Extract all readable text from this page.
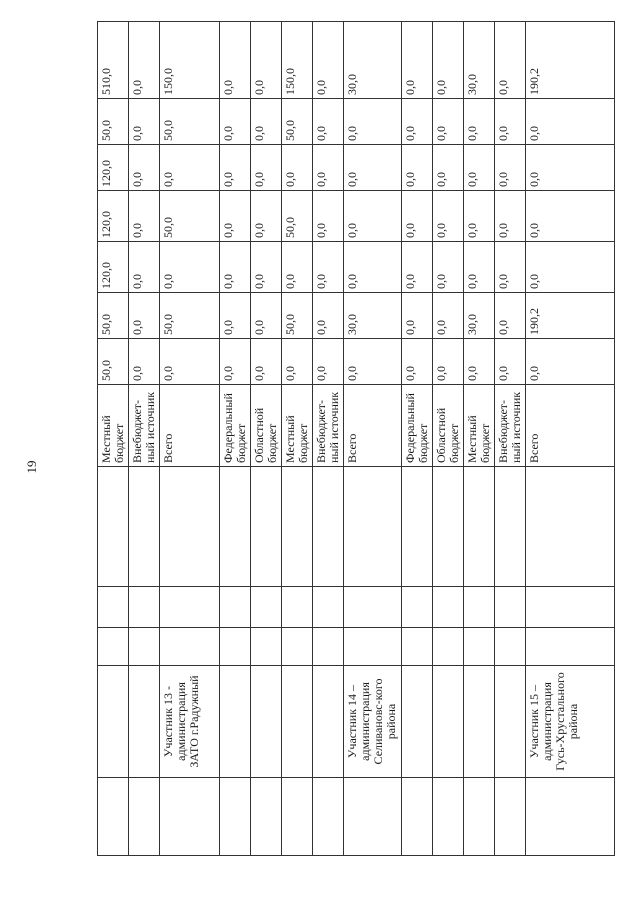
19
					Местный бюджет	50,0	50,0	120,0	120,0	120,0	50,0	510,0
					Внебюджет-ный источник	0,0	0,0	0,0	0,0	0,0	0,0	0,0
	Участник 13 - администрация ЗАТО г.Радужный				Всего	0,0	50,0	0,0	50,0	0,0	50,0	150,0
					Федеральный бюджет	0,0	0,0	0,0	0,0	0,0	0,0	0,0
					Областной бюджет	0,0	0,0	0,0	0,0	0,0	0,0	0,0
					Местный бюджет	0,0	50,0	0,0	50,0	0,0	50,0	150,0
					Внебюджет-ный источник	0,0	0,0	0,0	0,0	0,0	0,0	0,0
	Участник 14 – администрация Селивановс-кого района				Всего	0,0	30,0	0,0	0,0	0,0	0,0	30,0
					Федеральный бюджет	0,0	0,0	0,0	0,0	0,0	0,0	0,0
					Областной бюджет	0,0	0,0	0,0	0,0	0,0	0,0	0,0
					Местный бюджет	0,0	30,0	0,0	0,0	0,0	0,0	30,0
					Внебюджет-ный источник	0,0	0,0	0,0	0,0	0,0	0,0	0,0
	Участник 15 – администрация Гусь-Хрустального района				Всего	0,0	190,2	0,0	0,0	0,0	0,0	190,2
